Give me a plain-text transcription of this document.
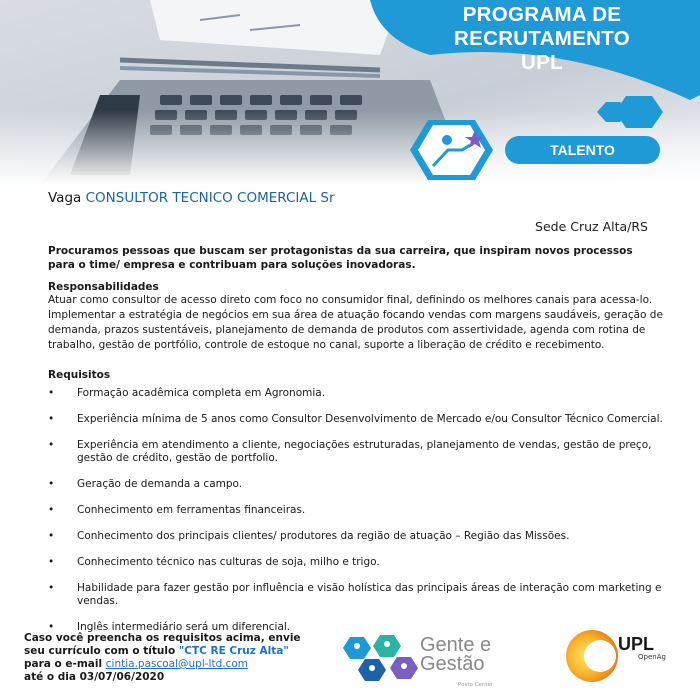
PROGRAMA DE
RECRUTAMENTO
UPL
TALENTO
Vaga CONSULTOR TECNICO COMERCIAL Sr
Sede Cruz Alta/RS
Procuramos pessoas que buscam ser protagonistas da sua carreira, que inspiram novos processos para o time/ empresa e contribuam para soluções inovadoras.
Responsabilidades
Atuar como consultor de acesso direto com foco no consumidor final, definindo os melhores canais para acessa-lo. Implementar a estratégia de negócios em sua área de atuação focando vendas com margens saudáveis, geração de demanda, prazos sustentáveis, planejamento de demanda de produtos com assertividade, agenda com rotina de trabalho, gestão de portfólio, controle de estoque no canal, suporte a liberação de crédito e recebimento.
Requisitos
• Formação acadêmica completa em Agronomia.
• Experiência mínima de 5 anos como Consultor Desenvolvimento de Mercado e/ou Consultor Técnico Comercial.
• Experiência em atendimento a cliente, negociações estruturadas, planejamento de vendas, gestão de preço, gestão de crédito, gestão de portfolio.
• Geração de demanda a campo.
• Conhecimento em ferramentas financeiras.
• Conhecimento dos principais clientes/ produtores da região de atuação – Região das Missões.
• Conhecimento técnico nas culturas de soja, milho e trigo.
• Habilidade para fazer gestão por influência e visão holística das principais áreas de interação com marketing e vendas.
• Inglês intermediário será um diferencial.
Caso você preencha os requisitos acima, envie
seu currículo com o título "CTC RE Cruz Alta"
para o e-mail cintia.pascoal@upl-ltd.com
até o dia 03/07/06/2020
Gente e
Gestão
Posto Center
UPL
OpenAg
